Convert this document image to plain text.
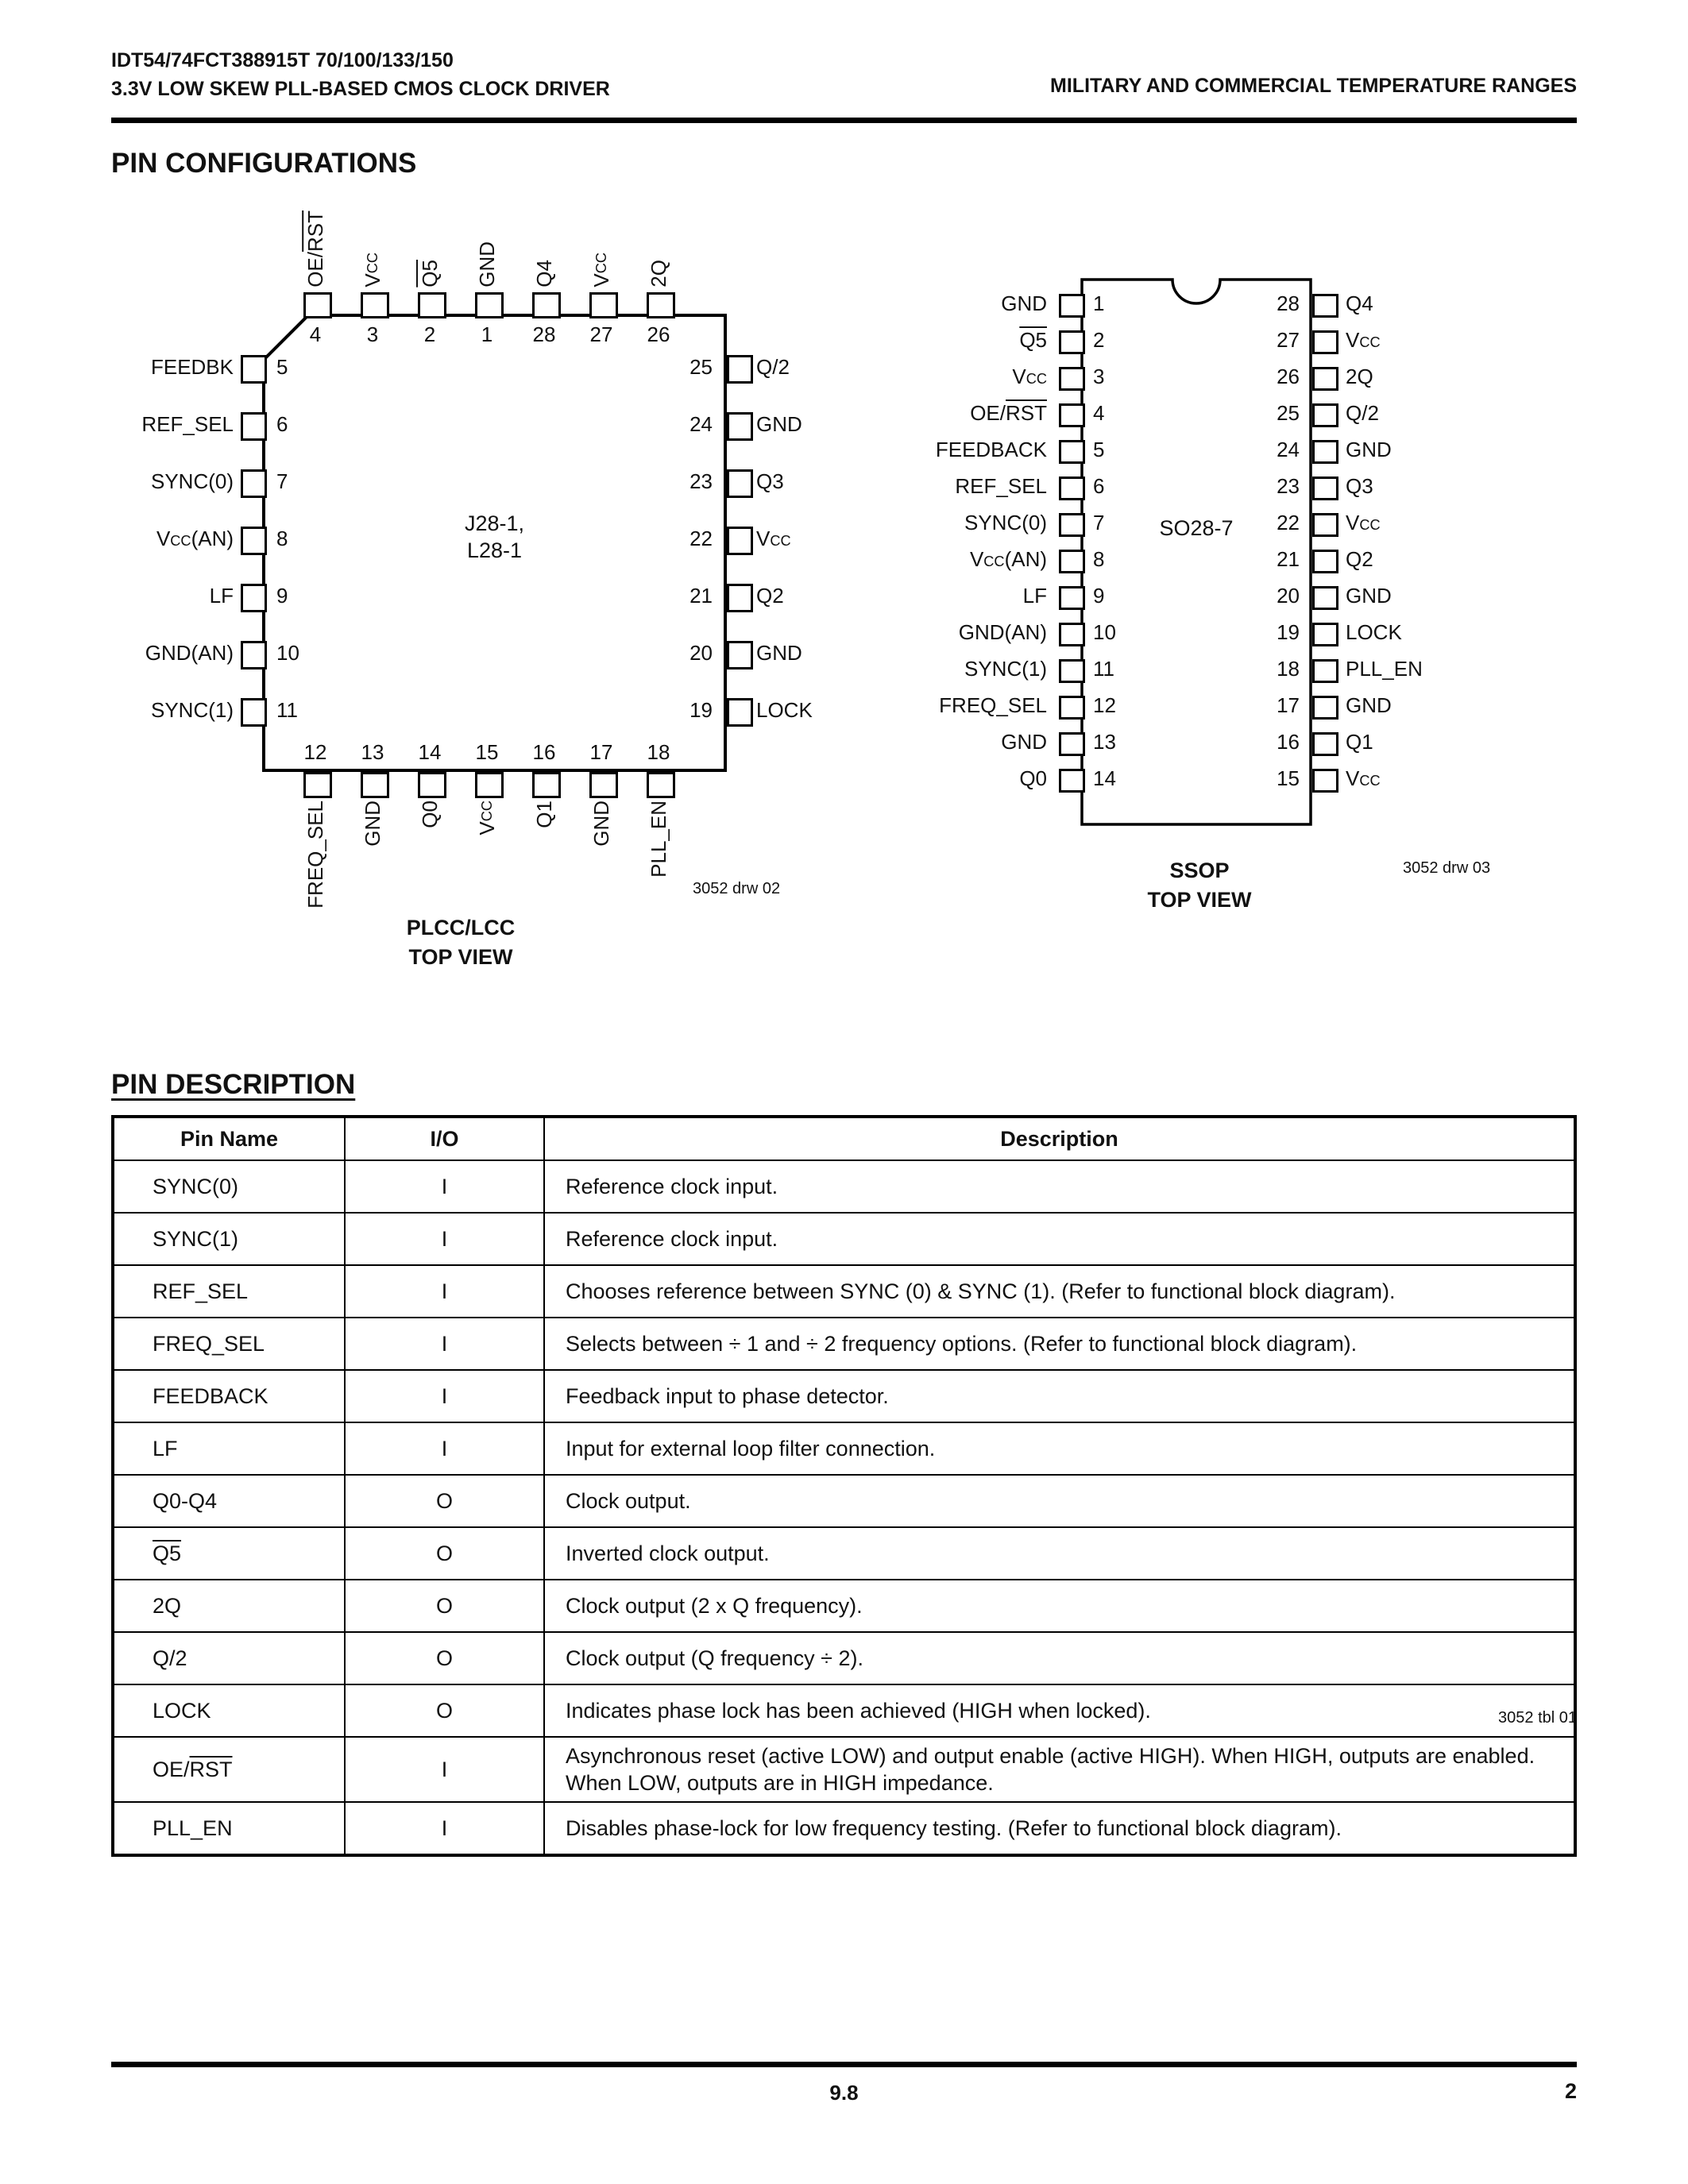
IDT54/74FCT388915T 70/100/133/150
3.3V LOW SKEW PLL-BASED CMOS CLOCK DRIVER	MILITARY AND COMMERCIAL TEMPERATURE RANGES
PIN CONFIGURATIONS
4
OE/RST
3
VCC
2
Q5
1
GND
28
Q4
27
VCC
26
2Q
5
FEEDBK
6
REF_SEL
7
SYNC(0)
8
VCC(AN)
9
LF
10
GND(AN)
11
SYNC(1)
25 Q/2
24 GND
23 Q3
22 VCC
21 Q2
20 GND
19 LOCK
12
FREQ_SEL
13
GND
14
Q0
15
VCC
16
Q1
17
GND
18
PLL_EN
J28-1,
L28-1
3052 drw 02
PLCC/LCC
TOP VIEW
1
GND
2
Q5
3
VCC
4
$OE/\overline{RST}$
5
FEEDBACK
6
REF_SEL
7
SYNC(0)
8
VCC(AN)
9
LF
10
GND(AN)
11
SYNC(1)
12
FREQ_SEL
13
GND
14
Q0
28 Q4
27 VCC
26 2Q
25 Q/2
24 GND
23 Q3
22 VCC
21 Q2
20 GND
19 LOCK
18 PLL_EN
17 GND
16 Q1
15 VCC
SO28-7
SSOP
TOP VIEW
3052 drw 03
PIN DESCRIPTION
Pin Name	I/O	Description
SYNC(0)	I	Reference clock input.
SYNC(1)	I	Reference clock input.
REF_SEL	I	Chooses reference between SYNC (0) & SYNC (1). (Refer to functional block diagram).
FREQ_SEL	I	Selects between ÷ 1 and ÷ 2 frequency options. (Refer to functional block diagram).
FEEDBACK	I	Feedback input to phase detector.
LF	I	Input for external loop filter connection.
Q0-Q4	O	Clock output.
Q5	O	Inverted clock output.
2Q	O	Clock output (2 x Q frequency).
Q/2	O	Clock output (Q frequency ÷ 2).
LOCK	O	Indicates phase lock has been achieved (HIGH when locked).
$OE/\overline{RST}$	I	Asynchronous reset (active LOW) and output enable (active HIGH). When HIGH, outputs are enabled. When LOW, outputs are in HIGH impedance.
PLL_EN	I	Disables phase-lock for low frequency testing. (Refer to functional block diagram).
3052 tbl 01
9.8	2
